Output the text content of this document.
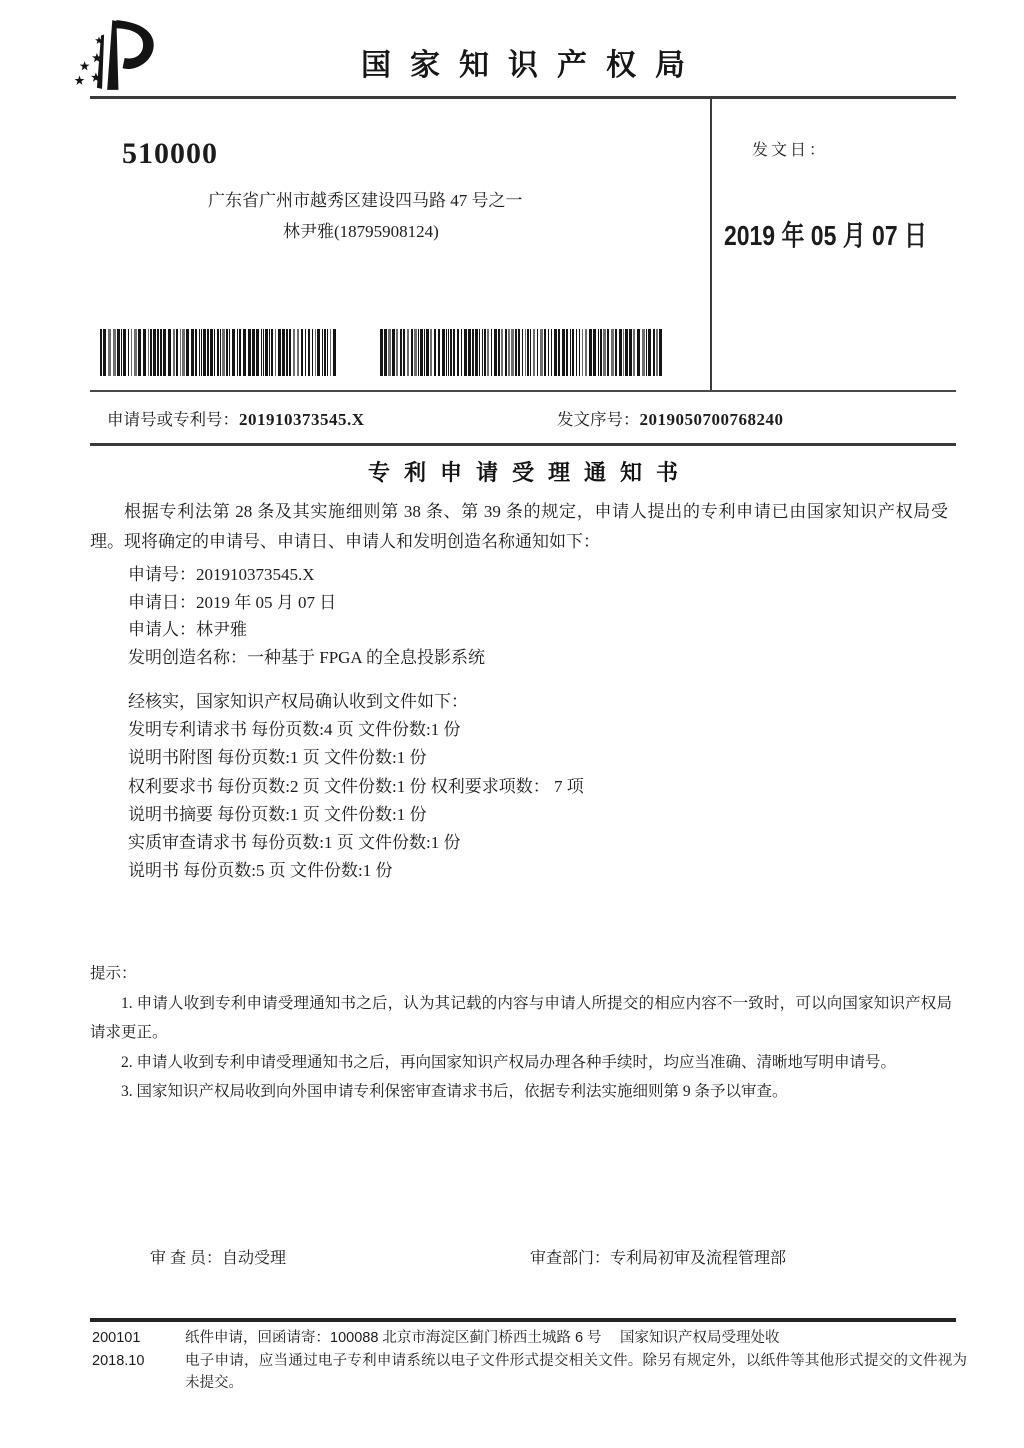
国家知识产权局
510000
广东省广州市越秀区建设四马路 47 号之一
林尹雅(18795908124)
发文日：
2019 年 05 月 07 日
申请号或专利号：201910373545.X	发文序号：2019050700768240
专利申请受理通知书
根据专利法第 28 条及其实施细则第 38 条、第 39 条的规定，申请人提出的专利申请已由国家知识产权局受理。现将确定的申请号、申请日、申请人和发明创造名称通知如下：
申请号：201910373545.X
申请日：2019 年 05 月 07 日
申请人：林尹雅
发明创造名称：一种基于 FPGA 的全息投影系统
经核实，国家知识产权局确认收到文件如下：
发明专利请求书 每份页数:4 页 文件份数:1 份
说明书附图 每份页数:1 页 文件份数:1 份
权利要求书 每份页数:2 页 文件份数:1 份 权利要求项数： 7 项
说明书摘要 每份页数:1 页 文件份数:1 份
实质审查请求书 每份页数:1 页 文件份数:1 份
说明书 每份页数:5 页 文件份数:1 份
提示：
1. 申请人收到专利申请受理通知书之后，认为其记载的内容与申请人所提交的相应内容不一致时，可以向国家知识产权局请求更正。
2. 申请人收到专利申请受理通知书之后，再向国家知识产权局办理各种手续时，均应当准确、清晰地写明申请号。
3. 国家知识产权局收到向外国申请专利保密审查请求书后，依据专利法实施细则第 9 条予以审查。
审 查 员：自动受理	审查部门：专利局初审及流程管理部
200101
2018.10
纸件申请，回函请寄：100088 北京市海淀区蓟门桥西土城路 6 号　 国家知识产权局受理处收
电子申请，应当通过电子专利申请系统以电子文件形式提交相关文件。除另有规定外，以纸件等其他形式提交的文件视为未提交。
